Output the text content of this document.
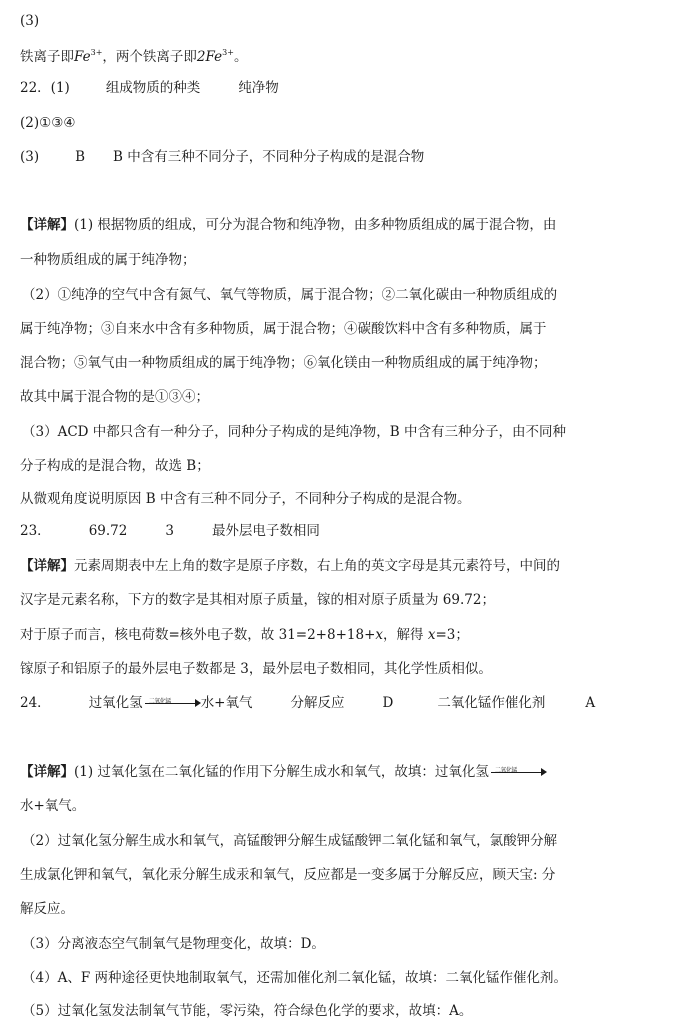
(3)
铁离子即$Fe^{3+}$，两个铁离子即$2Fe^{3+}$。
22．(1)	组成物质的种类	纯净物
(2)①③④
(3)	B B 中含有三种不同分子，不同种分子构成的是混合物
【详解】(1) 根据物质的组成，可分为混合物和纯净物，由多种物质组成的属于混合物，由
一种物质组成的属于纯净物；
（2）①纯净的空气中含有氮气、氧气等物质，属于混合物；②二氧化碳由一种物质组成的
属于纯净物；③自来水中含有多种物质，属于混合物；④碳酸饮料中含有多种物质，属于
混合物；⑤氧气由一种物质组成的属于纯净物；⑥氧化镁由一种物质组成的属于纯净物；
故其中属于混合物的是①③④；
（3）ACD 中都只含有一种分子，同种分子构成的是纯净物，B 中含有三种分子，由不同种
分子构成的是混合物，故选 B；
从微观角度说明原因 B 中含有三种不同分子，不同种分子构成的是混合物。
23．	69.72	3	最外层电子数相同
【详解】元素周期表中左上角的数字是原子序数，右上角的英文字母是其元素符号，中间的
汉字是元素名称，下方的数字是其相对原子质量，镓的相对原子质量为 69.72；
对于原子而言，核电荷数=核外电子数，故 31=2+8+18+x，解得 x=3；
镓原子和铝原子的最外层电子数都是 3，最外层电子数相同，其化学性质相似。
24．	过氧化氢 二氧化锰 水+氧气	分解反应	D	二氧化锰作催化剂	A
【详解】(1) 过氧化氢在二氧化锰的作用下分解生成水和氧气，故填：过氧化氢 二氧化锰
水+氧气。
（2）过氧化氢分解生成水和氧气，高锰酸钾分解生成锰酸钾二氧化锰和氧气，氯酸钾分解
生成氯化钾和氧气，氧化汞分解生成汞和氧气，反应都是一变多属于分解反应，顾天宝: 分
解反应。
（3）分离液态空气制氧气是物理变化，故填：D。
（4）A、F 两种途径更快地制取氧气，还需加催化剂二氧化锰，故填：二氧化锰作催化剂。
（5）过氧化氢发法制氧气节能，零污染，符合绿色化学的要求，故填：A。
